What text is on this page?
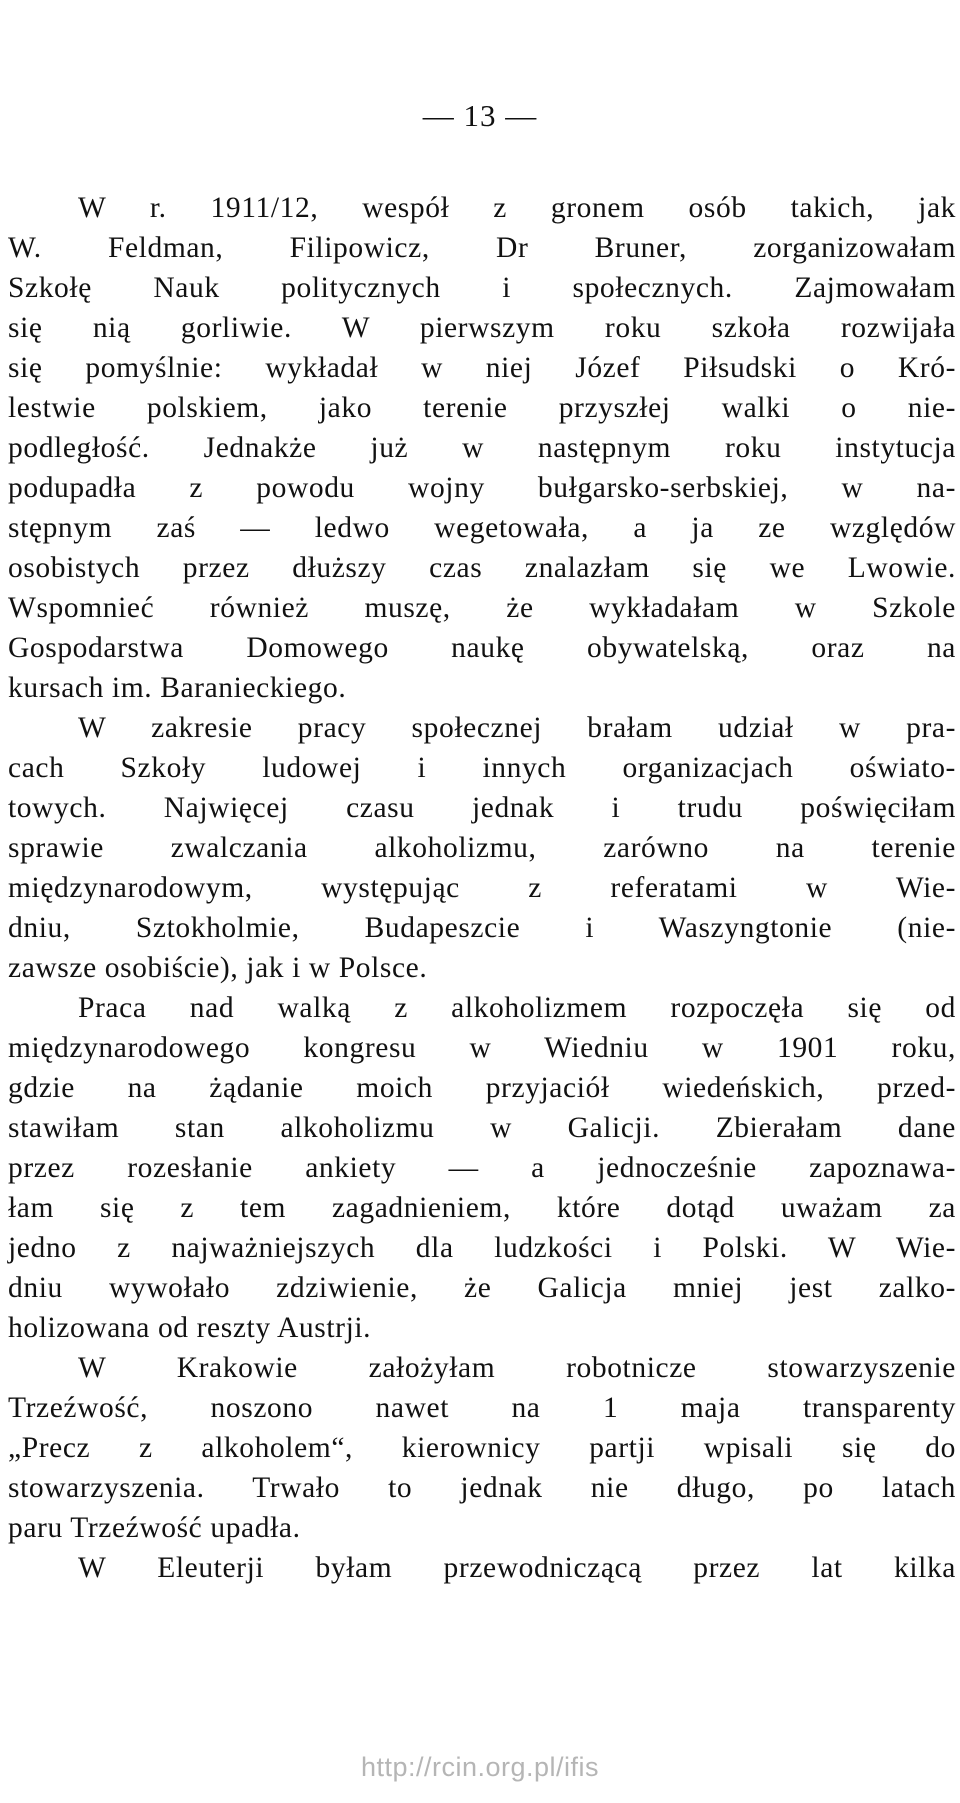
— 13 —
W r. 1911/12, wespół z gronem osób takich, jak
W. Feldman, Filipowicz, Dr Bruner, zorganizowałam
Szkołę Nauk politycznych i społecznych. Zajmowałam
się nią gorliwie. W pierwszym roku szkoła rozwijała
się pomyślnie: wykładał w niej Józef Piłsudski o Kró-
lestwie polskiem, jako terenie przyszłej walki o nie-
podległość. Jednakże już w następnym roku instytucja
podupadła z powodu wojny bułgarsko-serbskiej, w na-
stępnym zaś — ledwo wegetowała, a ja ze względów
osobistych przez dłuższy czas znalazłam się we Lwowie.
Wspomnieć również muszę, że wykładałam w Szkole
Gospodarstwa Domowego naukę obywatelską, oraz na
kursach im. Baranieckiego.
W zakresie pracy społecznej brałam udział w pra-
cach Szkoły ludowej i innych organizacjach oświato-
towych. Najwięcej czasu jednak i trudu poświęciłam
sprawie zwalczania alkoholizmu, zarówno na terenie
międzynarodowym, występując z referatami w Wie-
dniu, Sztokholmie, Budapeszcie i Waszyngtonie (nie-
zawsze osobiście), jak i w Polsce.
Praca nad walką z alkoholizmem rozpoczęła się od
międzynarodowego kongresu w Wiedniu w 1901 roku,
gdzie na żądanie moich przyjaciół wiedeńskich, przed-
stawiłam stan alkoholizmu w Galicji. Zbierałam dane
przez rozesłanie ankiety — a jednocześnie zapoznawa-
łam się z tem zagadnieniem, które dotąd uważam za
jedno z najważniejszych dla ludzkości i Polski. W Wie-
dniu wywołało zdziwienie, że Galicja mniej jest zalko-
holizowana od reszty Austrji.
W Krakowie założyłam robotnicze stowarzyszenie
Trzeźwość, noszono nawet na 1 maja transparenty
„Precz z alkoholem“, kierownicy partji wpisali się do
stowarzyszenia. Trwało to jednak nie długo, po latach
paru Trzeźwość upadła.
W Eleuterji byłam przewodniczącą przez lat kilka
http://rcin.org.pl/ifis
